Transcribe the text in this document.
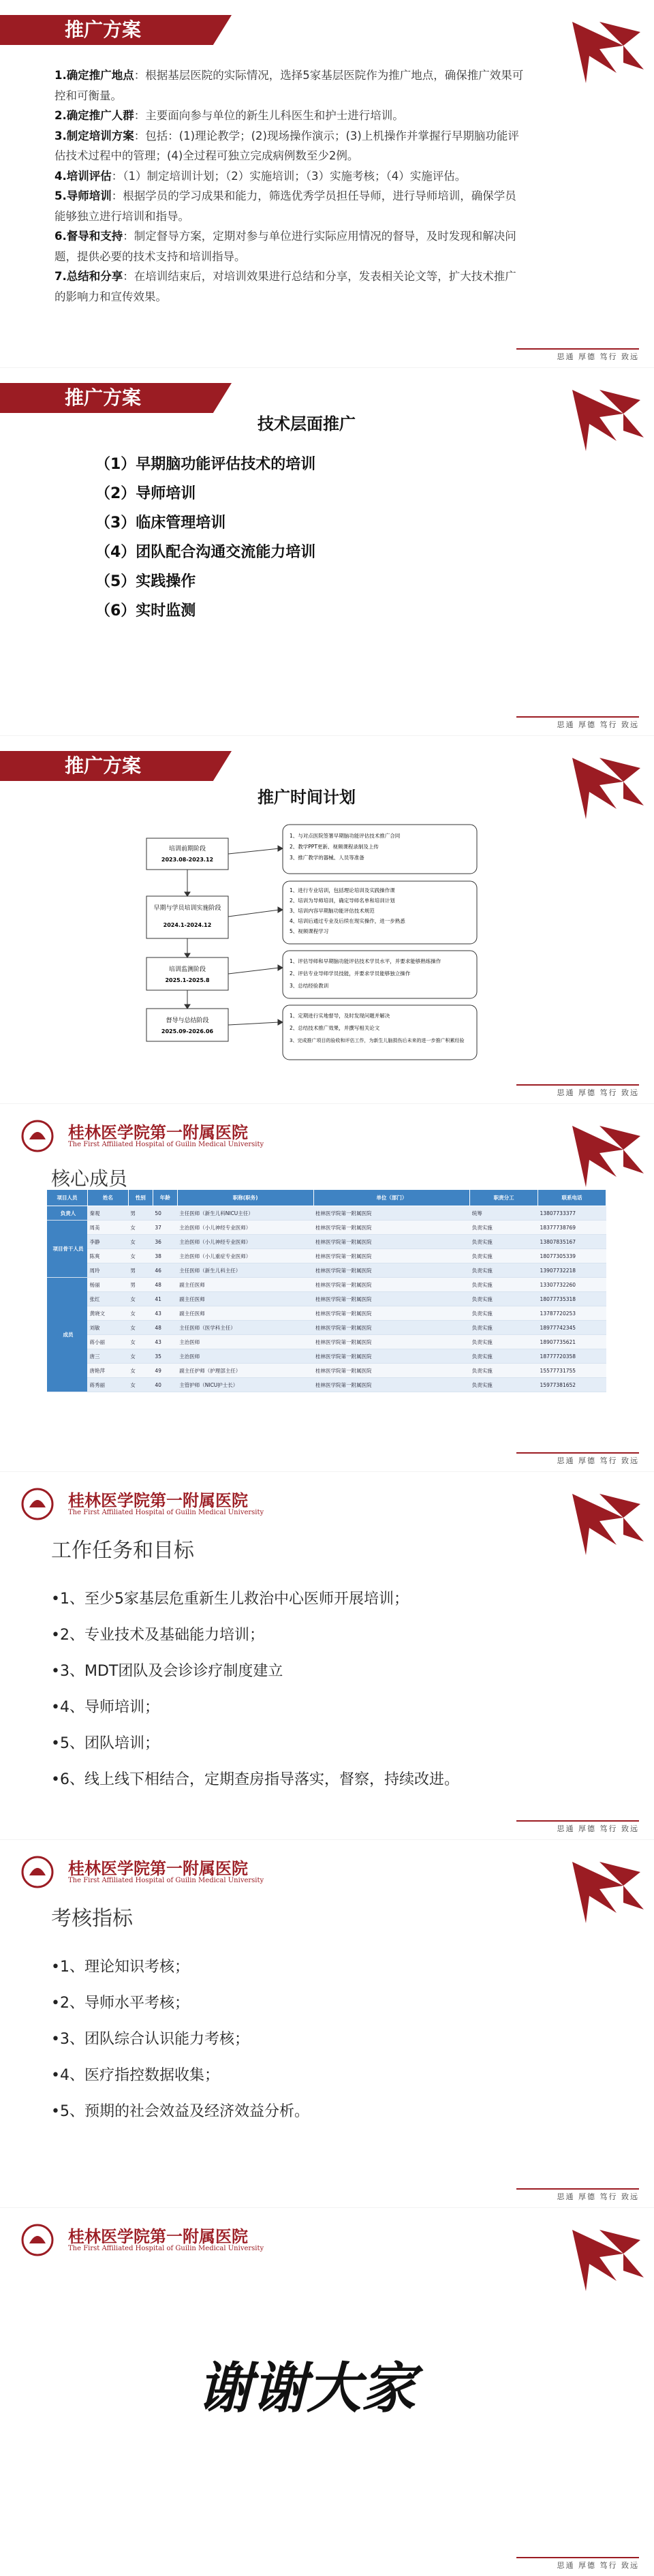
推广方案

1.确定推广地点：根据基层医院的实际情况，选择5家基层医院作为推广地点，确保推广效果可控和可衡量。

2.确定推广人群：主要面向参与单位的新生儿科医生和护士进行培训。

3.制定培训方案：包括：(1)理论教学；(2)现场操作演示；(3)上机操作并掌握行早期脑功能评估技术过程中的管理；(4)全过程可独立完成病例数至少2例。

4.培训评估：（1）制定培训计划；（2）实施培训；（3）实施考核；（4）实施评估。

5.导师培训：根据学员的学习成果和能力，筛选优秀学员担任导师，进行导师培训，确保学员能够独立进行培训和指导。

6.督导和支持：制定督导方案，定期对参与单位进行实际应用情况的督导，及时发现和解决问题，提供必要的技术支持和培训指导。

7.总结和分享：在培训结束后，对培训效果进行总结和分享，发表相关论文等，扩大技术推广的影响力和宣传效果。

思通 厚德 笃行 致远
推广方案
技术层面推广
（1）早期脑功能评估技术的培训
（2）导师培训
（3）临床管理培训
（4）团队配合沟通交流能力培训
（5）实践操作
（6）实时监测
思通 厚德 笃行 致远
推广方案
推广时间计划
培训前期阶段
2023.08-2023.12
早期与学员培训实施阶段
2024.1-2024.12
培训监测阶段
2025.1-2025.8
督导与总结阶段
2025.09-2026.06
1、与对点医院签署早期脑功能评估技术推广合同
2、教学PPT更新、视频课程录制及上传
3、推广教学的器械、人员等准备
1、进行专业培训，包括理论培训及实践操作课
2、培训为导师培训，确定导师名单和培训计划
3、培训内容早期脑功能评估技术规范
4、培训后通过专业及后续在现实操作，进一步熟悉
5、视频课程学习
1、评估导师和早期脑功能评估技术学员水平，并要求能够熟练操作
2、评估专业导师学员技能，并要求学员能够独立操作
3、总结经验教训
1、定期进行实地督导，及时发现问题并解决
2、总结技术推广效果，并撰写相关论文
3、完成推广项目的验收和评估工作，为新生儿脑损伤后未来的进一步推广积累经验
思通 厚德 笃行 致远
桂林医学院第一附属医院
The First Affiliated Hospital of Guilin Medical University
核心成员
项目人员	姓名	性别	年龄	职称(职务)	单位（部门）	职责分工	联系电话
负责人	秦观	男	50	主任医师（新生儿科NICU主任）	桂林医学院第一附属医院	统筹	13807733377
项目骨干人员	周美	女	37	主治医师（小儿神经专业医师）	桂林医学院第一附属医院	负责实施	18377738769
	李静	女	36	主治医师（小儿神经专业医师）	桂林医学院第一附属医院	负责实施	13807835167
	陈爽	女	38	主治医师（小儿重症专业医师）	桂林医学院第一附属医院	负责实施	18077305339
	周玲	男	46	主任医师（新生儿科主任）	桂林医学院第一附属医院	负责实施	13907732218
成员	杨丽	男	48	副主任医师	桂林医学院第一附属医院	负责实施	13307732260
	张红	女	41	副主任医师	桂林医学院第一附属医院	负责实施	18077735318
	黄晓文	女	43	副主任医师	桂林医学院第一附属医院	负责实施	13787720253
	刘敏	女	48	主任医师（医学科主任）	桂林医学院第一附属医院	负责实施	18977742345
	蒋小丽	女	43	主治医师	桂林医学院第一附属医院	负责实施	18907735621
	唐三	女	35	主治医师	桂林医学院第一附属医院	负责实施	18777720358
	唐艳萍	女	49	副主任护师（护理部主任）	桂林医学院第一附属医院	负责实施	15577731755
	蒋秀丽	女	40	主管护师（NICU护士长）	桂林医学院第一附属医院	负责实施	15977381652
思通 厚德 笃行 致远
桂林医学院第一附属医院
The First Affiliated Hospital of Guilin Medical University
工作任务和目标
•1、至少5家基层危重新生儿救治中心医师开展培训；
•2、专业技术及基础能力培训；
•3、MDT团队及会诊诊疗制度建立
•4、导师培训；
•5、团队培训；
•6、线上线下相结合，定期查房指导落实，督察，持续改进。
思通 厚德 笃行 致远
桂林医学院第一附属医院
The First Affiliated Hospital of Guilin Medical University
考核指标
•1、理论知识考核；
•2、导师水平考核；
•3、团队综合认识能力考核；
•4、医疗指控数据收集；
•5、预期的社会效益及经济效益分析。
思通 厚德 笃行 致远
桂林医学院第一附属医院
The First Affiliated Hospital of Guilin Medical University
谢谢大家
思通 厚德 笃行 致远
